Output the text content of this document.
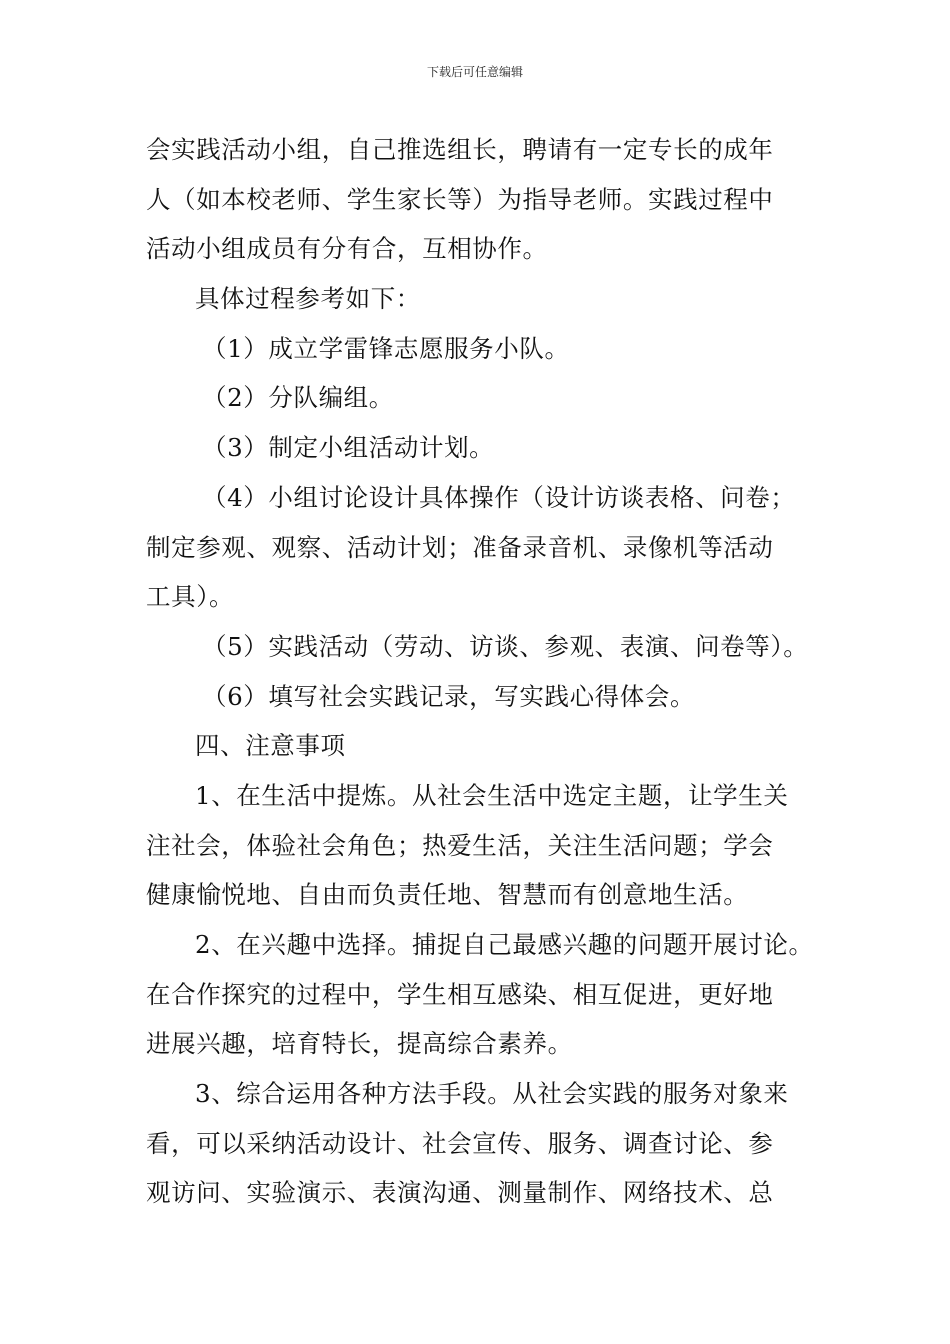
下载后可任意编辑
会实践活动小组，自己推选组长，聘请有一定专长的成年
人（如本校老师、学生家长等）为指导老师。实践过程中
活动小组成员有分有合，互相协作。
具体过程参考如下：
（1）成立学雷锋志愿服务小队。
（2）分队编组。
（3）制定小组活动计划。
（4）小组讨论设计具体操作（设计访谈表格、问卷；
制定参观、观察、活动计划；准备录音机、录像机等活动
工具）。
（5）实践活动（劳动、访谈、参观、表演、问卷等）。
（6）填写社会实践记录，写实践心得体会。
四、注意事项
1、在生活中提炼。从社会生活中选定主题，让学生关
注社会，体验社会角色；热爱生活，关注生活问题；学会
健康愉悦地、自由而负责任地、智慧而有创意地生活。
2、在兴趣中选择。捕捉自己最感兴趣的问题开展讨论。
在合作探究的过程中，学生相互感染、相互促进，更好地
进展兴趣，培育特长，提高综合素养。
3、综合运用各种方法手段。从社会实践的服务对象来
看，可以采纳活动设计、社会宣传、服务、调查讨论、参
观访问、实验演示、表演沟通、测量制作、网络技术、总
